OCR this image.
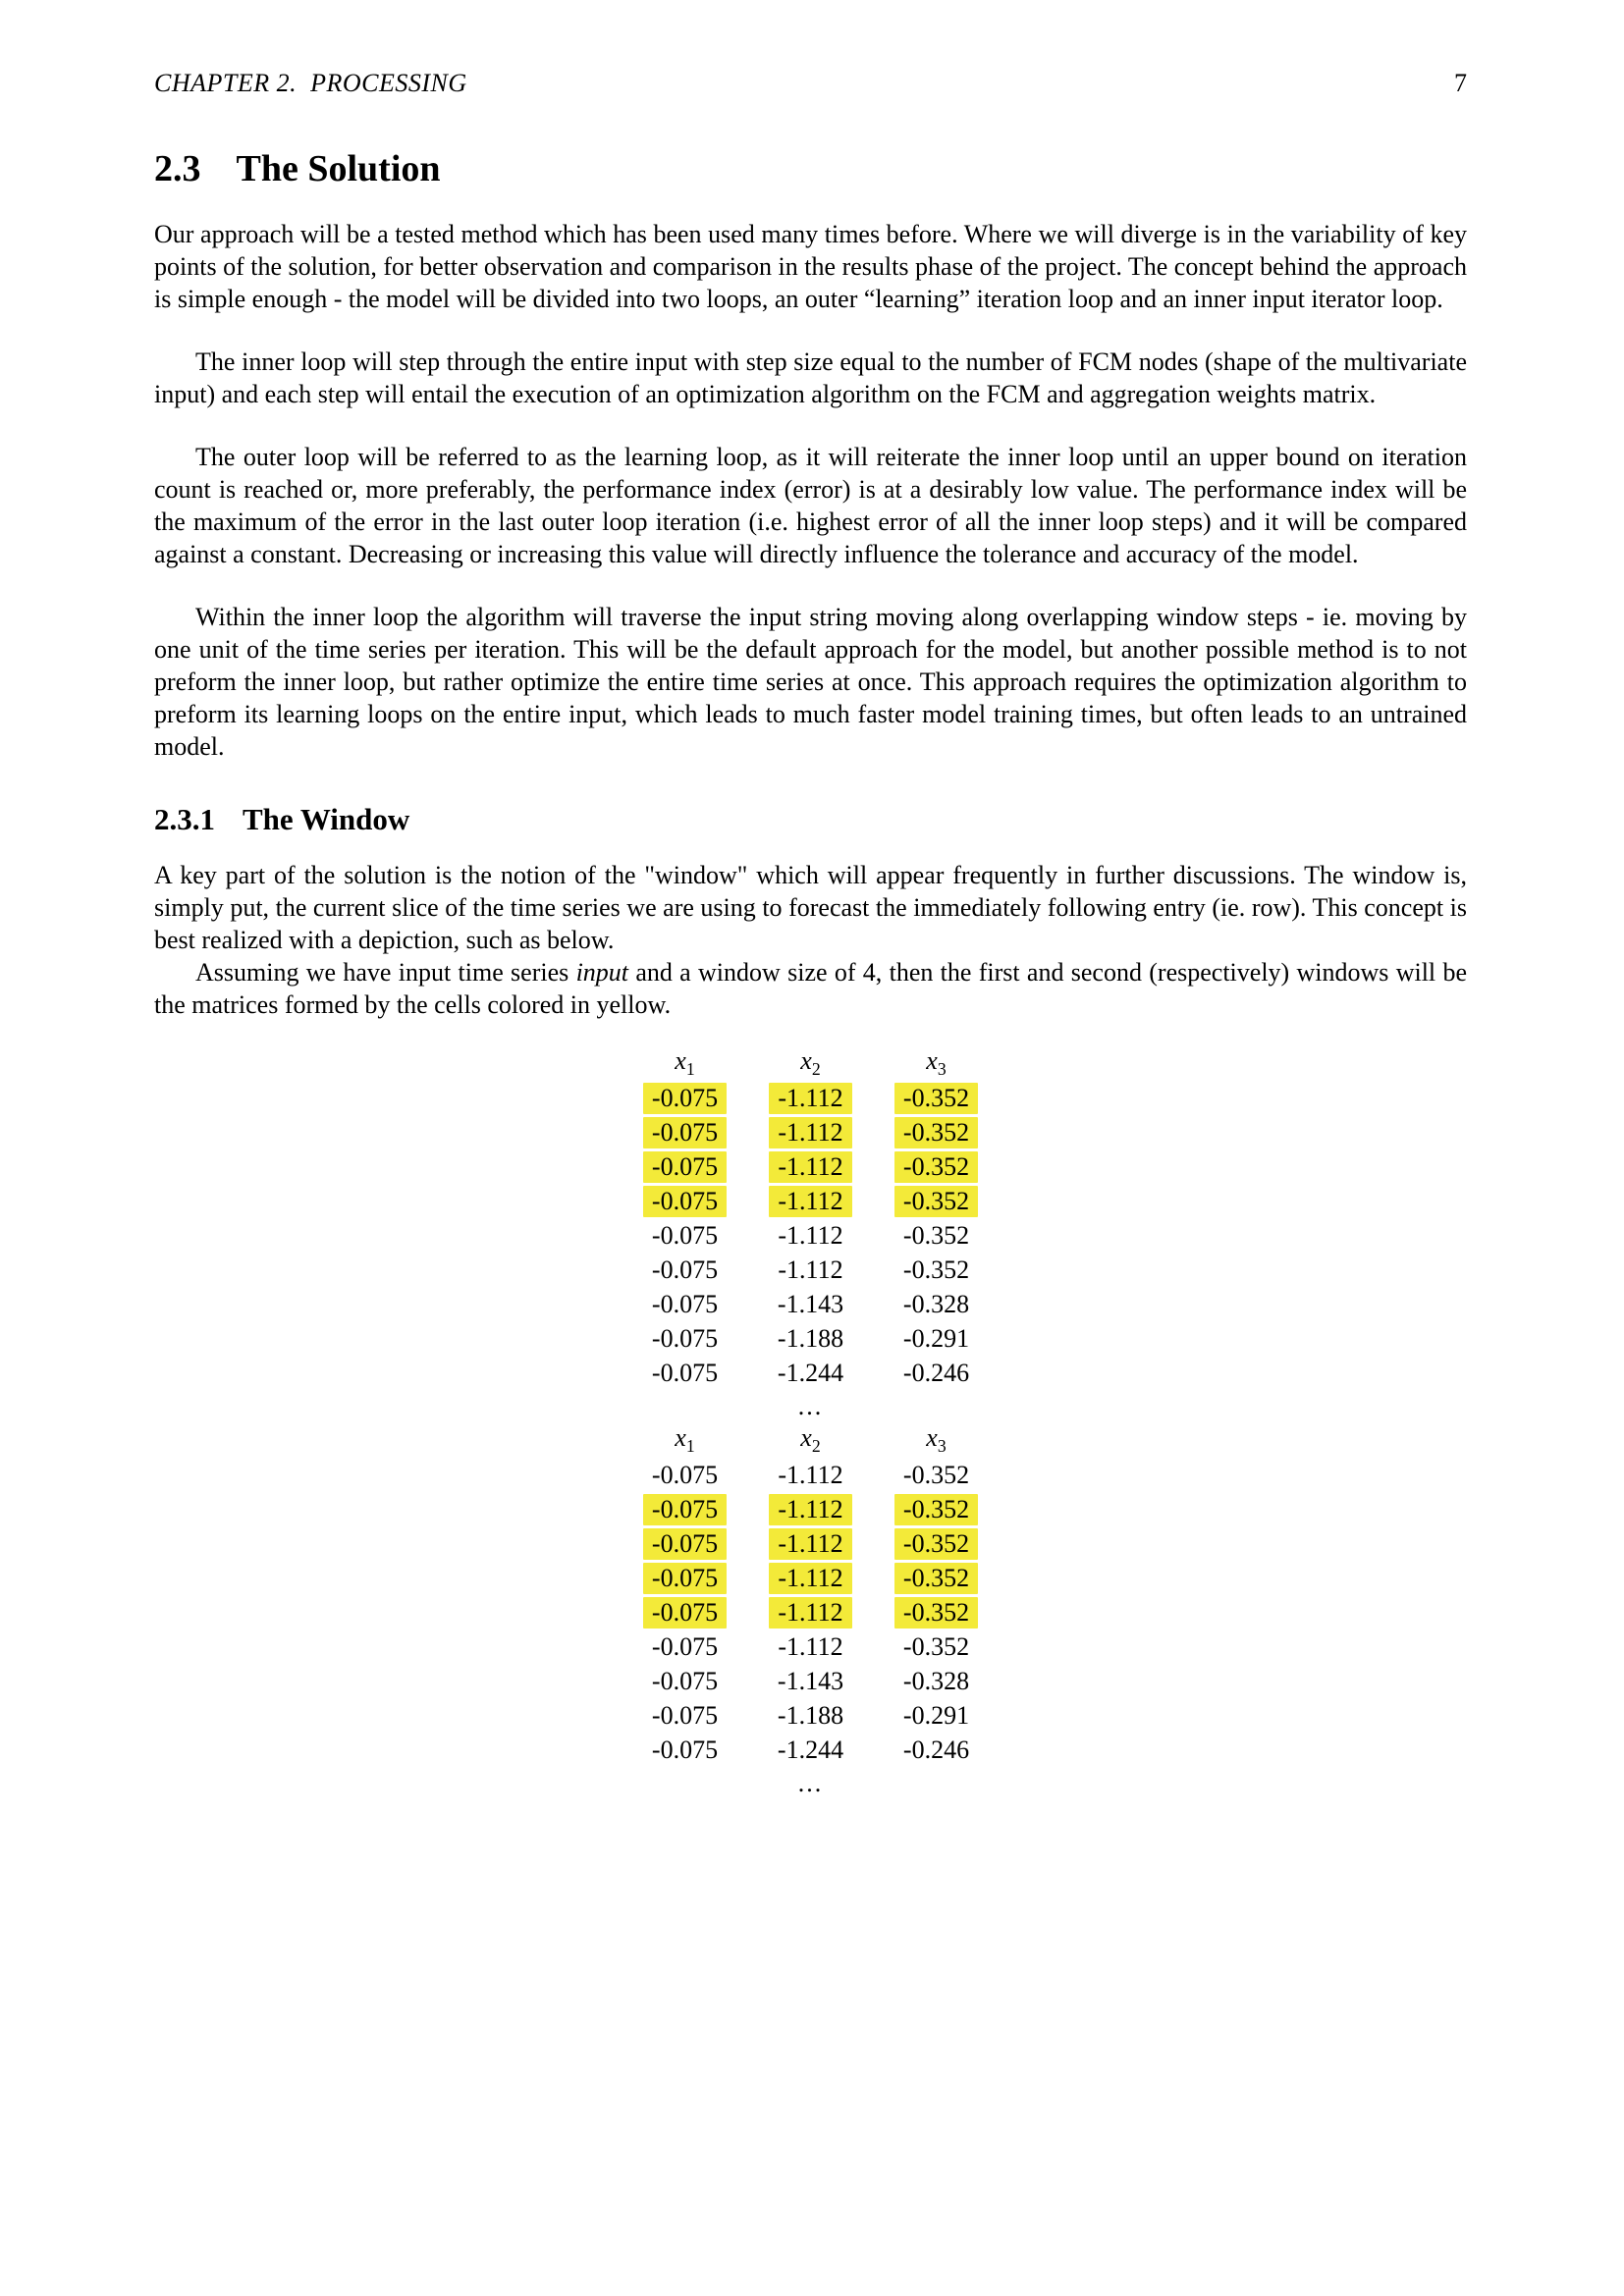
CHAPTER 2.  PROCESSING	7
2.3 The Solution

Our approach will be a tested method which has been used many times before. Where we will diverge is in the variability of key points of the solution, for better observation and comparison in the results phase of the project. The concept behind the approach is simple enough - the model will be divided into two loops, an outer “learning” iteration loop and an inner input iterator loop.

The inner loop will step through the entire input with step size equal to the number of FCM nodes (shape of the multivariate input) and each step will entail the execution of an optimization algorithm on the FCM and aggregation weights matrix.

The outer loop will be referred to as the learning loop, as it will reiterate the inner loop until an upper bound on iteration count is reached or, more preferably, the performance index (error) is at a desirably low value. The performance index will be the maximum of the error in the last outer loop iteration (i.e. highest error of all the inner loop steps) and it will be compared against a constant. Decreasing or increasing this value will directly influence the tolerance and accuracy of the model.

Within the inner loop the algorithm will traverse the input string moving along overlapping window steps - ie. moving by one unit of the time series per iteration. This will be the default approach for the model, but another possible method is to not preform the inner loop, but rather optimize the entire time series at once. This approach requires the optimization algorithm to preform its learning loops on the entire input, which leads to much faster model training times, but often leads to an untrained model.

2.3.1 The Window

A key part of the solution is the notion of the "window" which will appear frequently in further discussions. The window is, simply put, the current slice of the time series we are using to forecast the immediately following entry (ie. row). This concept is best realized with a depiction, such as below.

Assuming we have input time series input and a window size of 4, then the first and second (respectively) windows will be the matrices formed by the cells colored in yellow.

$x_1$	$x_2$	$x_3$
-0.075	-1.112	-0.352
-0.075	-1.112	-0.352
-0.075	-1.112	-0.352
-0.075	-1.112	-0.352
-0.075	-1.112	-0.352
-0.075	-1.112	-0.352
-0.075	-1.143	-0.328
-0.075	-1.188	-0.291
-0.075	-1.244	-0.246
	...	
$x_1$	$x_2$	$x_3$
-0.075	-1.112	-0.352
-0.075	-1.112	-0.352
-0.075	-1.112	-0.352
-0.075	-1.112	-0.352
-0.075	-1.112	-0.352
-0.075	-1.112	-0.352
-0.075	-1.143	-0.328
-0.075	-1.188	-0.291
-0.075	-1.244	-0.246
	...	
